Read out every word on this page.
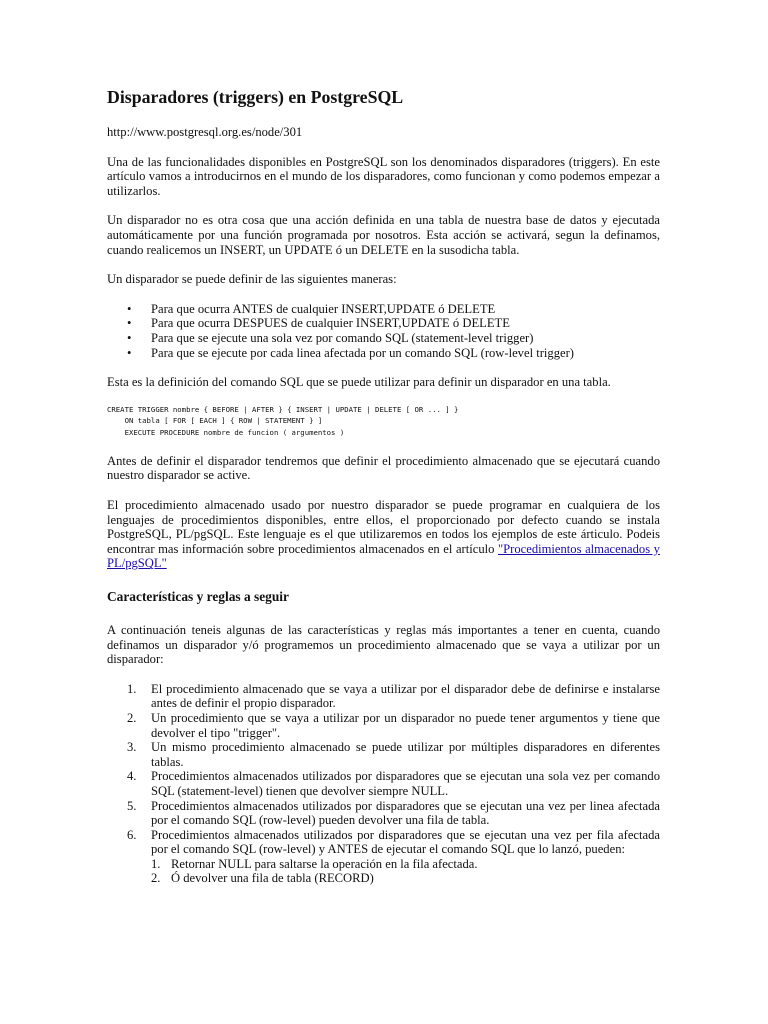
Disparadores (triggers) en PostgreSQL

http://www.postgresql.org.es/node/301

Una de las funcionalidades disponibles en PostgreSQL son los denominados disparadores (triggers). En este artículo vamos a introducirnos en el mundo de los disparadores, como funcionan y como podemos empezar a utilizarlos.

Un disparador no es otra cosa que una acción definida en una tabla de nuestra base de datos y ejecutada automáticamente por una función programada por nosotros. Esta acción se activará, segun la definamos, cuando realicemos un INSERT, un UPDATE ó un DELETE en la susodicha tabla.

Un disparador se puede definir de las siguientes maneras:

• Para que ocurra ANTES de cualquier INSERT,UPDATE ó DELETE
• Para que ocurra DESPUES de cualquier INSERT,UPDATE ó DELETE
• Para que se ejecute una sola vez por comando SQL (statement-level trigger)
• Para que se ejecute por cada linea afectada por un comando SQL (row-level trigger)

Esta es la definición del comando SQL que se puede utilizar para definir un disparador en una tabla.

CREATE TRIGGER nombre { BEFORE | AFTER } { INSERT | UPDATE | DELETE [ OR ... ] }
ON tabla [ FOR [ EACH ] { ROW | STATEMENT } ]
EXECUTE PROCEDURE nombre de funcion ( argumentos )

Antes de definir el disparador tendremos que definir el procedimiento almacenado que se ejecutará cuando nuestro disparador se active.

El procedimiento almacenado usado por nuestro disparador se puede programar en cualquiera de los lenguajes de procedimientos disponibles, entre ellos, el proporcionado por defecto cuando se instala PostgreSQL, PL/pgSQL. Este lenguaje es el que utilizaremos en todos los ejemplos de este árticulo. Podeis encontrar mas información sobre procedimientos almacenados en el artículo "Procedimientos almacenados y PL/pgSQL"

Características y reglas a seguir

A continuación teneis algunas de las características y reglas más importantes a tener en cuenta, cuando definamos un disparador y/ó programemos un procedimiento almacenado que se vaya a utilizar por un disparador:

1. El procedimiento almacenado que se vaya a utilizar por el disparador debe de definirse e instalarse antes de definir el propio disparador.
2. Un procedimiento que se vaya a utilizar por un disparador no puede tener argumentos y tiene que devolver el tipo "trigger".
3. Un mismo procedimiento almacenado se puede utilizar por múltiples disparadores en diferentes tablas.
4. Procedimientos almacenados utilizados por disparadores que se ejecutan una sola vez per comando SQL (statement-level) tienen que devolver siempre NULL.
5. Procedimientos almacenados utilizados por disparadores que se ejecutan una vez per linea afectada por el comando SQL (row-level) pueden devolver una fila de tabla.
6. Procedimientos almacenados utilizados por disparadores que se ejecutan una vez per fila afectada por el comando SQL (row-level) y ANTES de ejecutar el comando SQL que lo lanzó, pueden:
1. Retornar NULL para saltarse la operación en la fila afectada.
2. Ó devolver una fila de tabla (RECORD)
